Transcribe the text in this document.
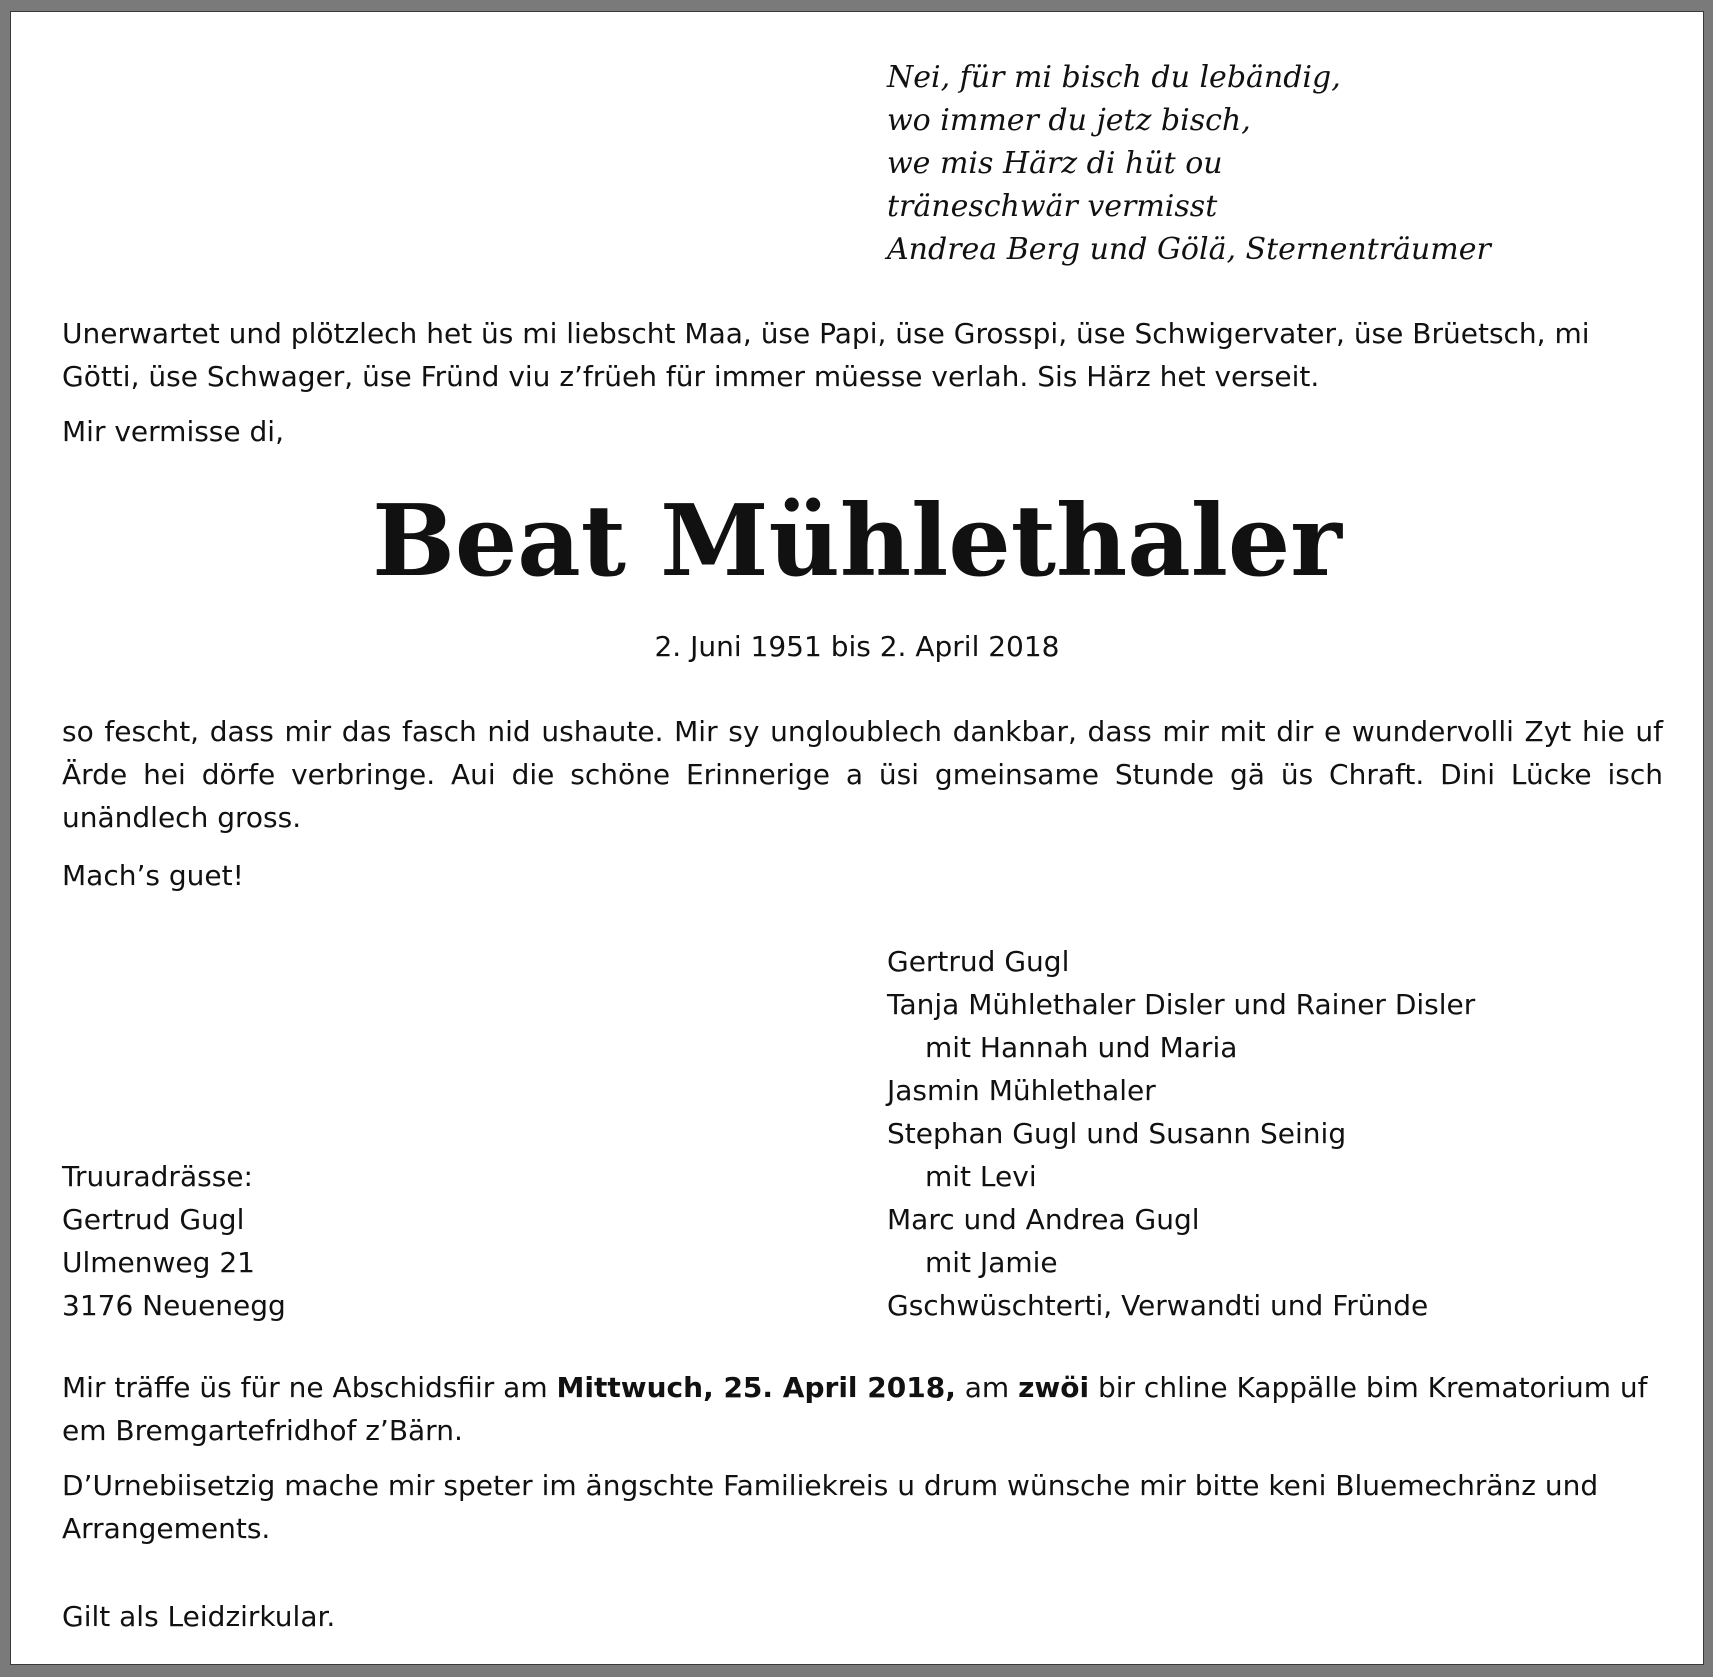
Nei, für mi bisch du lebändig,
wo immer du jetz bisch,
we mis Härz di hüt ou
träneschwär vermisst
Andrea Berg und Gölä, Sternenträumer

Unerwartet und plötzlech het üs mi liebscht Maa, üse Papi, üse Grosspi, üse Schwigervater, üse Brüetsch, mi Götti, üse Schwager, üse Fründ viu z’früeh für immer müesse verlah. Sis Härz het verseit.

Mir vermisse di,

Beat Mühlethaler
2. Juni 1951 bis 2. April 2018

so fescht, dass mir das fasch nid ushaute. Mir sy ungloublech dankbar, dass mir mit dir e wundervolli Zyt hie uf Ärde hei dörfe verbringe. Aui die schöne Erinnerige a üsi gmeinsame Stunde gä üs Chraft. Dini Lücke isch unändlech gross.

Mach’s guet!

Gertrud Gugl
Tanja Mühlethaler Disler und Rainer Disler
mit Hannah und Maria
Jasmin Mühlethaler
Stephan Gugl und Susann Seinig
mit Levi
Marc und Andrea Gugl
mit Jamie
Gschwüschterti, Verwandti und Fründe
Truuradrässe:
Gertrud Gugl
Ulmenweg 21
3176 Neuenegg

Mir träffe üs für ne Abschidsfiir am Mittwuch, 25. April 2018, am zwöi bir chline Kappälle bim Krematorium uf em Bremgartefridhof z’Bärn.

D’Urnebiisetzig mache mir speter im ängschte Familiekreis u drum wünsche mir bitte keni Bluemechränz und Arrangements.

Gilt als Leidzirkular.
